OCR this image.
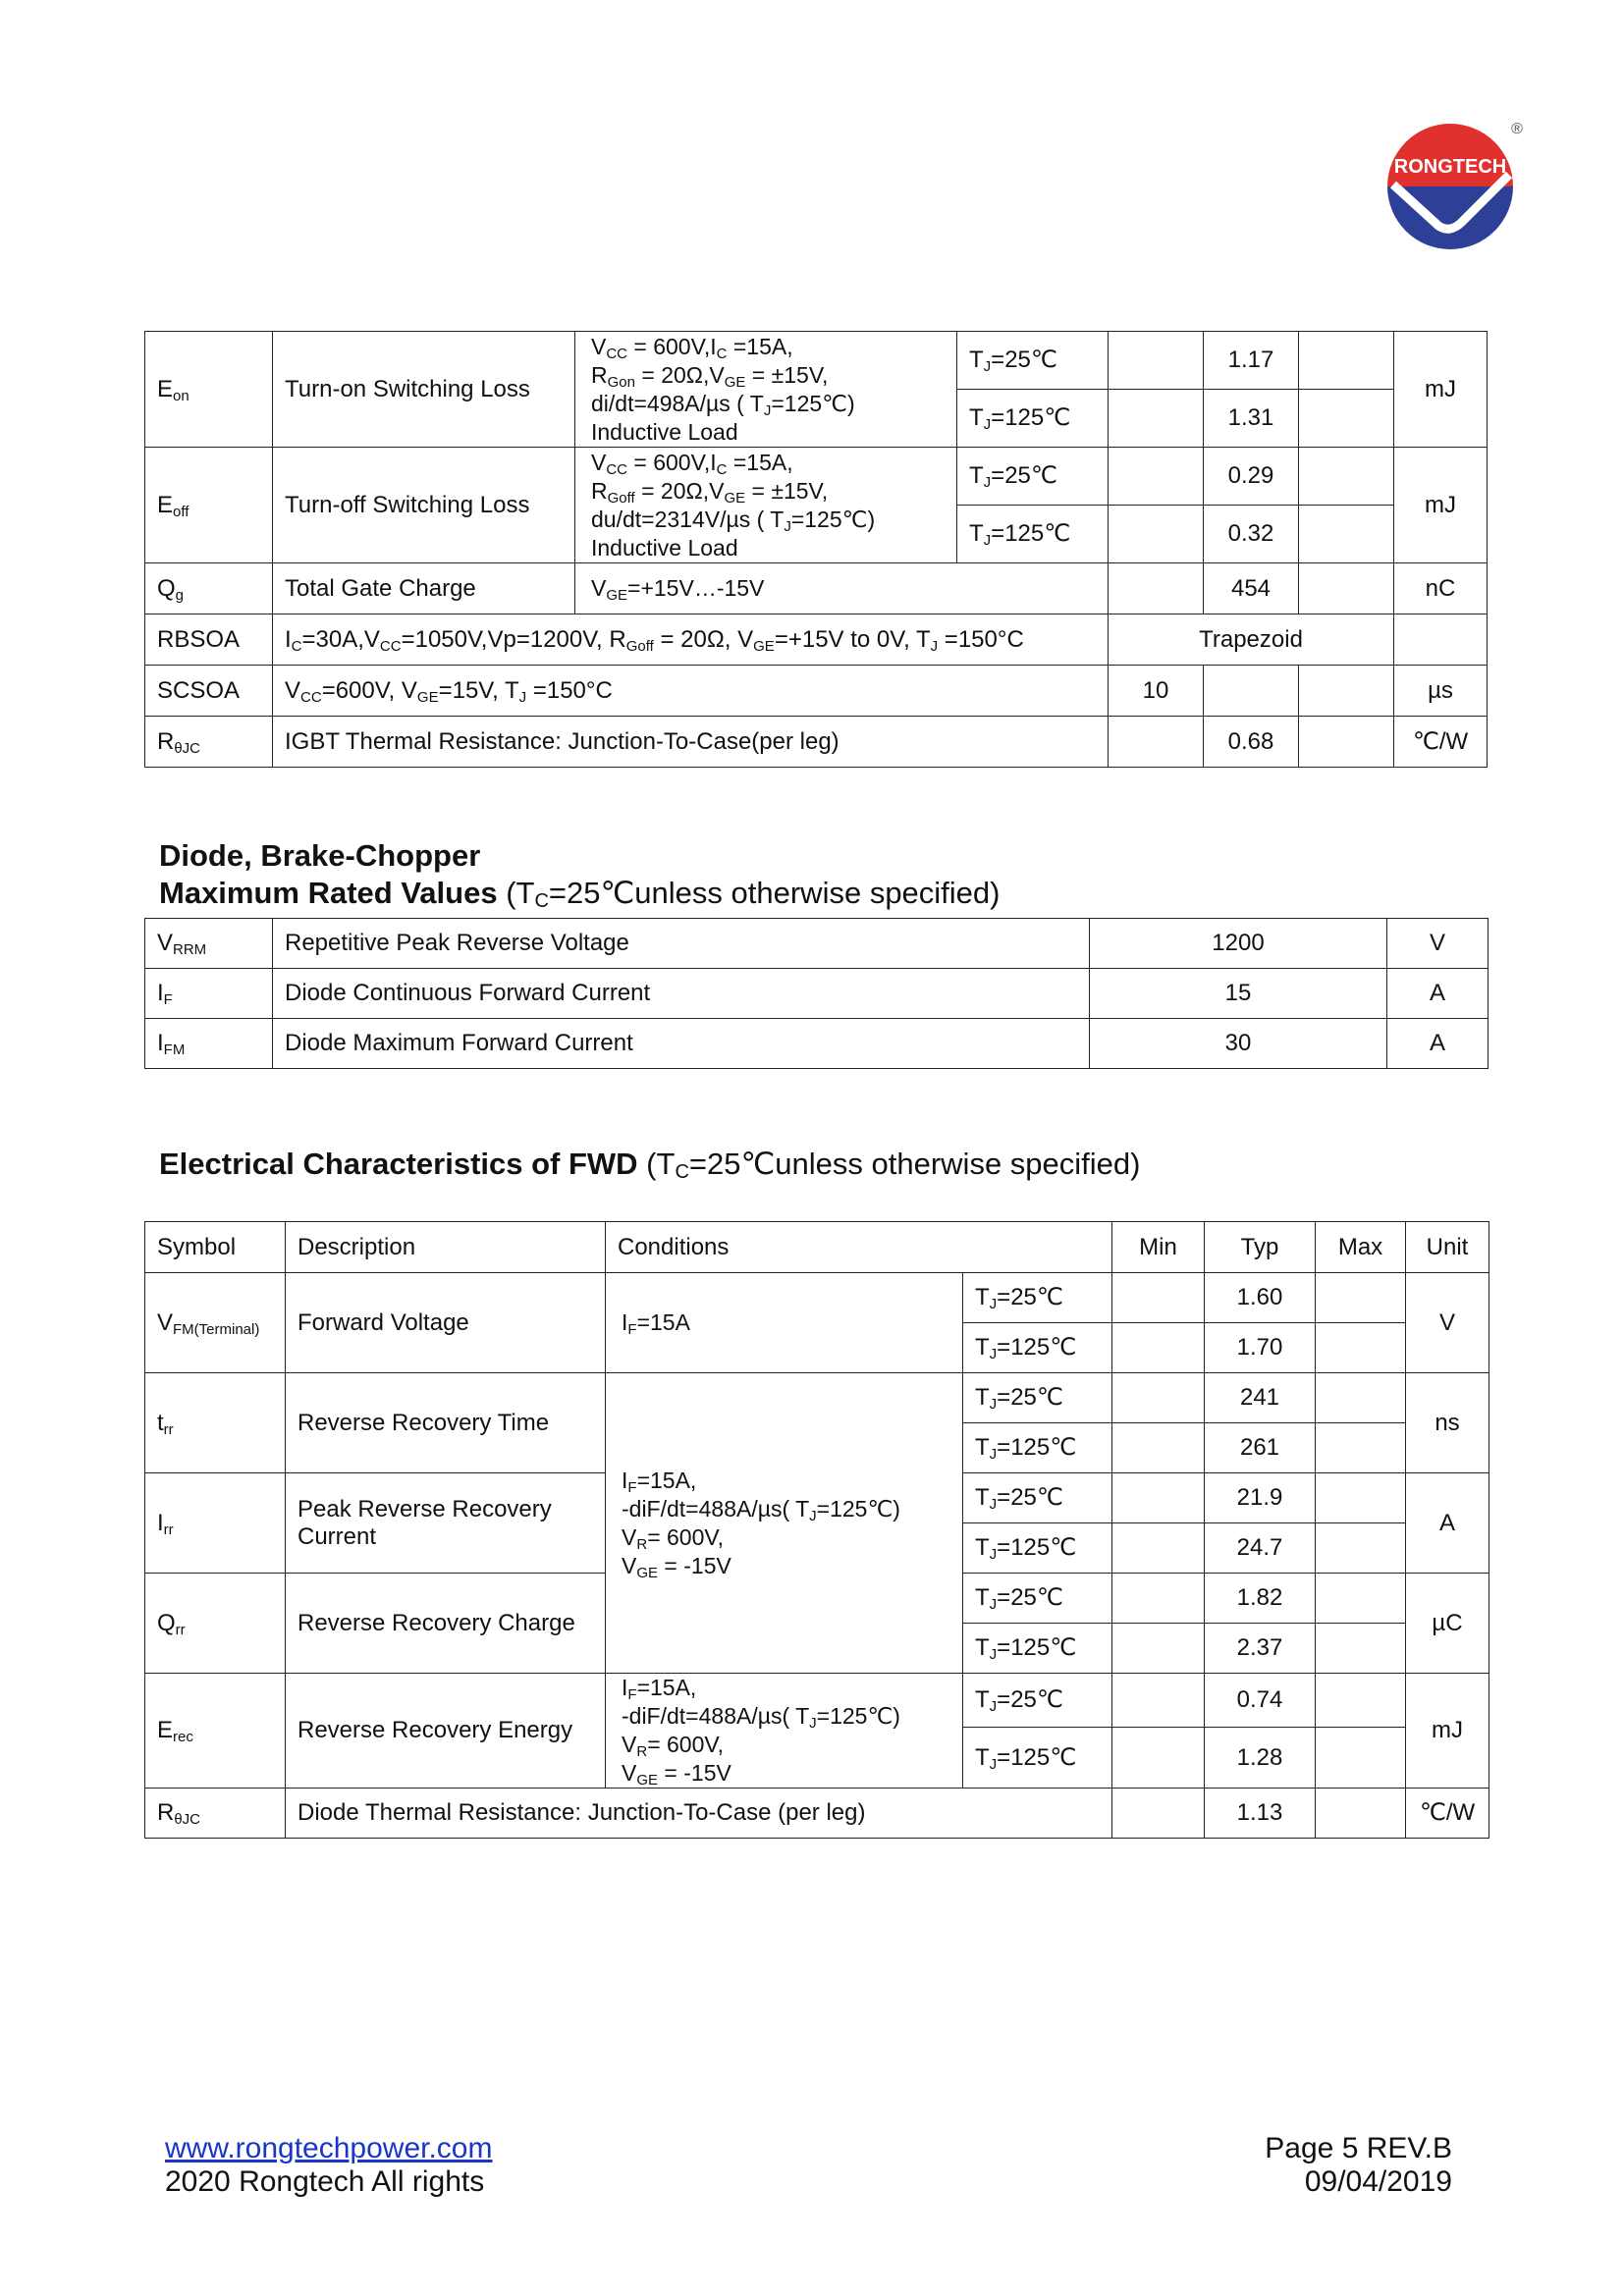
RONGTECH
®
$E_{on}$	Turn-on Switching Loss	$V_{CC} = 600V,I_C =15A$,
$R_{Gon} = 20\Omega,V_{GE} = \pm 15V$,
di/dt=498A/µs ( $T_J=125℃$)
Inductive Load	$T_J=25℃$		1.17		mJ
			$T_J=125℃$		1.31		
$E_{off}$	Turn-off Switching Loss	$V_{CC} = 600V,I_C =15A$,
$R_{Goff} = 20\Omega,V_{GE} = \pm 15V$,
du/dt=2314V/µs ( $T_J=125℃$)
Inductive Load	$T_J=25℃$		0.29		mJ
			$T_J=125℃$		0.32		
$Q_g$	Total Gate Charge	$V_{GE}=+15V\dots-15V$			454		nC
RBSOA	$I_C=30A,V_{CC}=1050V,Vp=1200V$, $R_{Goff} = 20\Omega$, $V_{GE}=+15V$ to 0V, $T_J =150^\circ C$			Trapezoid			
SCSOA	$V_{CC}=600V$, $V_{GE}=15V$, $T_J =150^\circ C$			10			µs
$R_{\theta JC}$	IGBT Thermal Resistance: Junction-To-Case(per leg)				0.68		℃/W
Diode, Brake-Chopper
Maximum Rated Values ($T_C=25℃unless$ otherwise specified)
$V_{RRM}$	Repetitive Peak Reverse Voltage	1200	V
$I_F$	Diode Continuous Forward Current	15	A
$I_{FM}$	Diode Maximum Forward Current	30	A
Electrical Characteristics of FWD ($T_C=25℃unless$ otherwise specified)
Symbol	Description	Conditions		Min	Typ	Max	Unit
$V_{FM(Terminal)}$	Forward Voltage	$I_F=15A$	$T_J=25℃$		1.60		V
			$T_J=125℃$		1.70		
$t_{rr}$	Reverse Recovery Time	$I_F=15A$,
-diF/dt=488A/µs( $T_J=125℃$)
$V_R= 600V$,
$V_{GE} = -15V$	$T_J=25℃$		241		ns
			$T_J=125℃$		261		
$I_{rr}$	Peak Reverse Recovery
Current		$T_J=25℃$		21.9		A
			$T_J=125℃$		24.7		
$Q_{rr}$	Reverse Recovery Charge		$T_J=25℃$		1.82		µC
			$T_J=125℃$		2.37		
$E_{rec}$	Reverse Recovery Energy	$I_F=15A$,
-diF/dt=488A/µs( $T_J=125℃$)
$V_R= 600V$,
$V_{GE} = -15V$	$T_J=25℃$		0.74		mJ
			$T_J=125℃$		1.28		
$R_{\theta JC}$	Diode Thermal Resistance: Junction-To-Case (per leg)				1.13		℃/W
www.rongtechpower.com
2020 Rongtech All rights
Page 5 REV.B
09/04/2019
